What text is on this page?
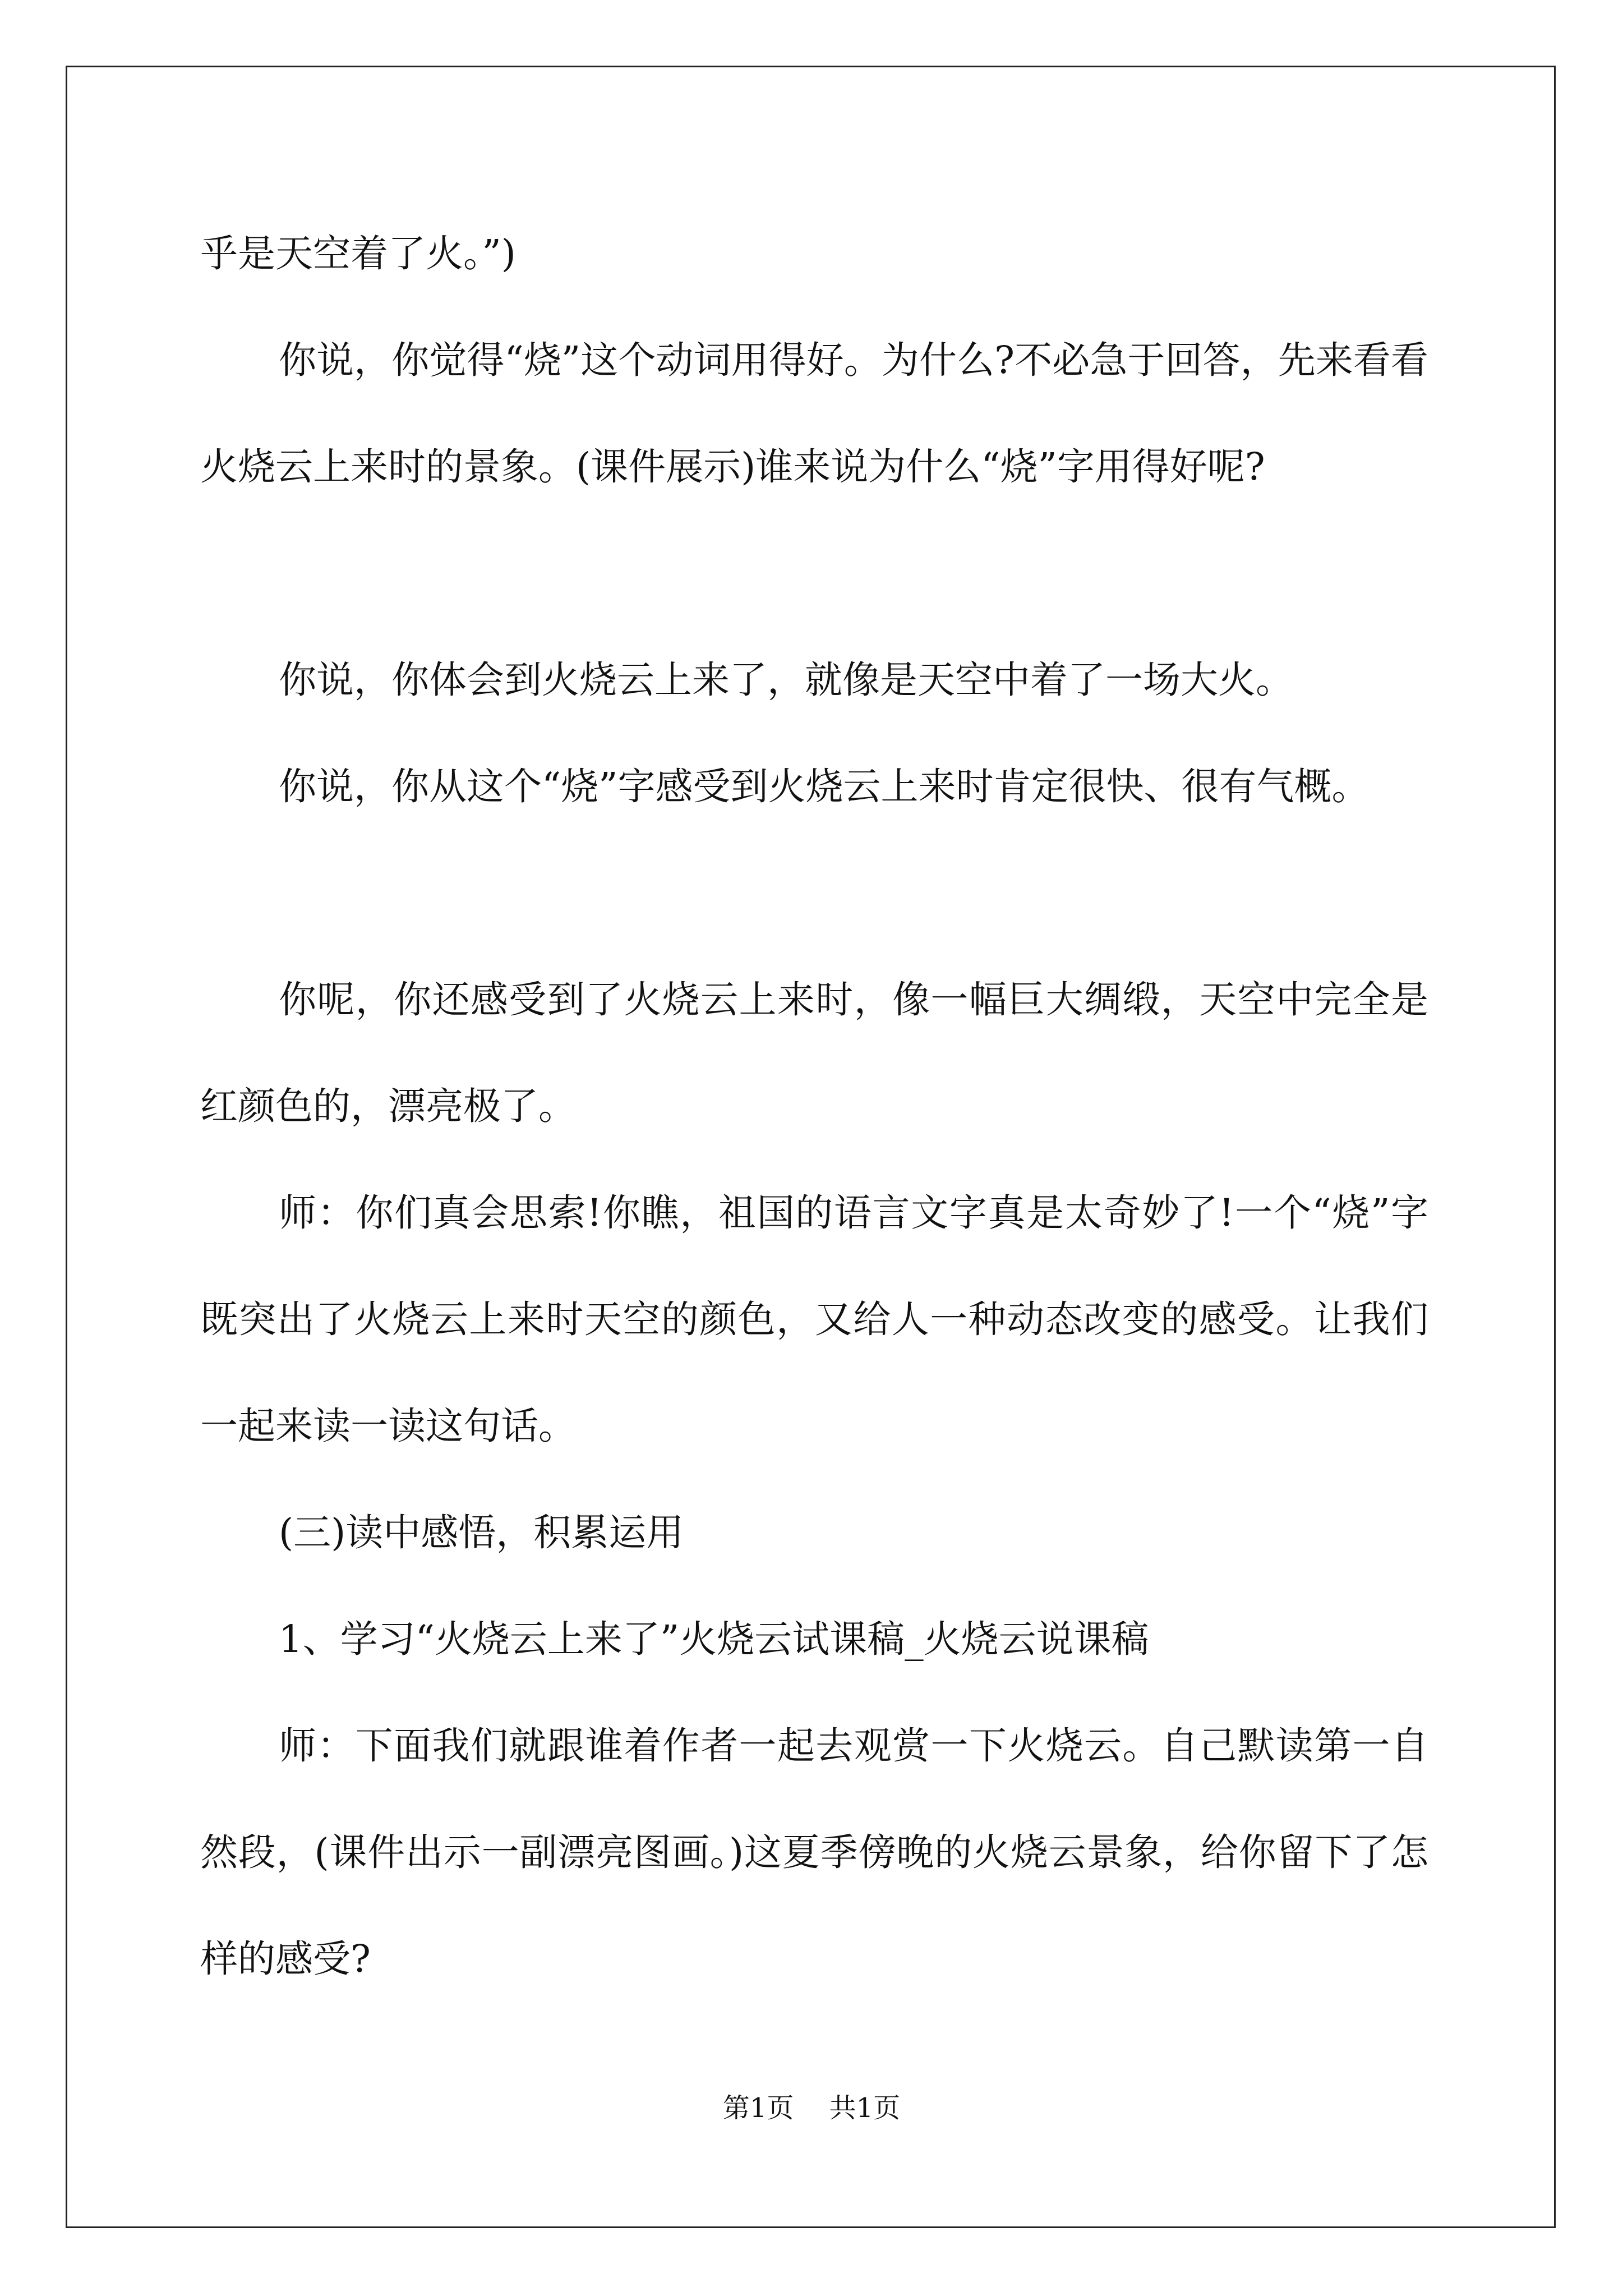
乎是天空着了火。”)

你说，你觉得“烧”这个动词用得好。为什么?不必急于回答，先来看看火烧云上来时的景象。(课件展示)谁来说为什么“烧”字用得好呢?

你说，你体会到火烧云上来了，就像是天空中着了一场大火。

你说，你从这个“烧”字感受到火烧云上来时肯定很快、很有气概。

你呢，你还感受到了火烧云上来时，像一幅巨大绸缎，天空中完全是红颜色的，漂亮极了。

师：你们真会思索!你瞧，祖国的语言文字真是太奇妙了!一个“烧”字既突出了火烧云上来时天空的颜色，又给人一种动态改变的感受。让我们一起来读一读这句话。

(三)读中感悟，积累运用

1、学习“火烧云上来了”火烧云试课稿_火烧云说课稿

师：下面我们就跟谁着作者一起去观赏一下火烧云。自己默读第一自然段，(课件出示一副漂亮图画。)这夏季傍晚的火烧云景象，给你留下了怎样的感受?

第1页 共1页
